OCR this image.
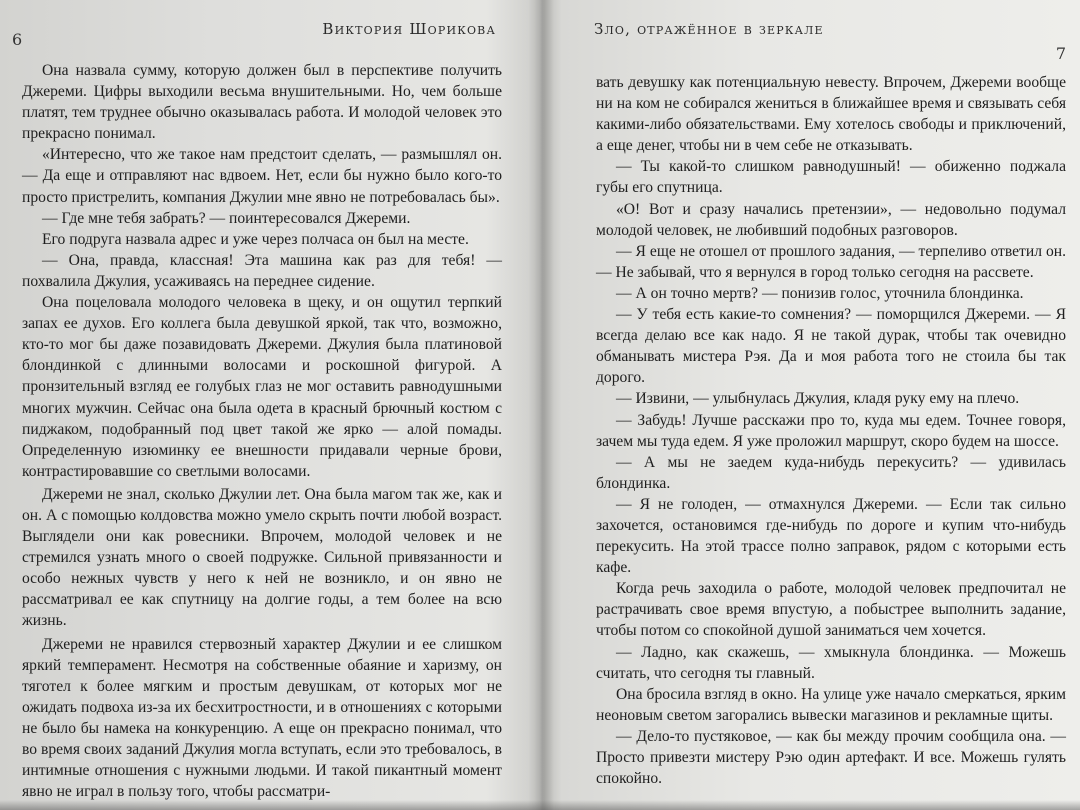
6
Виктория Шорикова

Она назвала сумму, которую должен был в перспективе получить Джереми. Цифры выходили весьма внушительными. Но, чем больше платят, тем труднее обычно оказывалась работа. И молодой человек это прекрасно понимал.

«Интересно, что же такое нам предстоит сделать, — размышлял он. — Да еще и отправляют нас вдвоем. Нет, если бы нужно было кого-то просто пристрелить, компания Джулии мне явно не потребовалась бы».

— Где мне тебя забрать? — поинтересовался Джереми.

Его подруга назвала адрес и уже через полчаса он был на месте.

— Она, правда, классная! Эта машина как раз для тебя! — похвалила Джулия, усаживаясь на переднее сидение.

Она поцеловала молодого человека в щеку, и он ощутил терпкий запах ее духов. Его коллега была девушкой яркой, так что, возможно, кто-то мог бы даже позавидовать Джереми. Джулия была платиновой блондинкой с длинными волосами и роскошной фигурой. А пронзительный взгляд ее голубых глаз не мог оставить равнодушными многих мужчин. Сейчас она была одета в красный брючный костюм с пиджаком, подобранный под цвет такой же ярко — алой помады. Определенную изюминку ее внешности придавали черные брови, контрастировавшие со светлыми волосами.

Джереми не знал, сколько Джулии лет. Она была магом так же, как и он. А с помощью колдовства можно умело скрыть почти любой возраст. Выглядели они как ровесники. Впрочем, молодой человек и не стремился узнать много о своей подружке. Сильной привязанности и особо нежных чувств у него к ней не возникло, и он явно не рассматривал ее как спутницу на долгие годы, а тем более на всю жизнь.

Джереми не нравился стервозный характер Джулии и ее слишком яркий темперамент. Несмотря на собственные обаяние и харизму, он тяготел к более мягким и простым девушкам, от которых мог не ожидать подвоха из-за их бесхитростности, и в отношениях с которыми не было бы намека на конкуренцию. А еще он прекрасно понимал, что во время своих заданий Джулия могла вступать, если это требовалось, в интимные отношения с нужными людьми. И такой пикантный момент явно не играл в пользу того, чтобы рассматри-

Зло, отражённое в зеркале
7

вать девушку как потенциальную невесту. Впрочем, Джереми вообще ни на ком не собирался жениться в ближайшее время и связывать себя какими-либо обязательствами. Ему хотелось свободы и приключений, а еще денег, чтобы ни в чем себе не отказывать.

— Ты какой-то слишком равнодушный! — обиженно поджала губы его спутница.

«О! Вот и сразу начались претензии», — недовольно подумал молодой человек, не любивший подобных разговоров.

— Я еще не отошел от прошлого задания, — терпеливо ответил он. — Не забывай, что я вернулся в город только сегодня на рассвете.

— А он точно мертв? — понизив голос, уточнила блондинка.

— У тебя есть какие-то сомнения? — поморщился Джереми. — Я всегда делаю все как надо. Я не такой дурак, чтобы так очевидно обманывать мистера Рэя. Да и моя работа того не стоила бы так дорого.

— Извини, — улыбнулась Джулия, кладя руку ему на плечо.

— Забудь! Лучше расскажи про то, куда мы едем. Точнее говоря, зачем мы туда едем. Я уже проложил маршрут, скоро будем на шоссе.

— А мы не заедем куда-нибудь перекусить? — удивилась блондинка.

— Я не голоден, — отмахнулся Джереми. — Если так сильно захочется, остановимся где-нибудь по дороге и купим что-нибудь перекусить. На этой трассе полно заправок, рядом с которыми есть кафе.

Когда речь заходила о работе, молодой человек предпочитал не растрачивать свое время впустую, а побыстрее выполнить задание, чтобы потом со спокойной душой заниматься чем хочется.

— Ладно, как скажешь, — хмыкнула блондинка. — Можешь считать, что сегодня ты главный.

Она бросила взгляд в окно. На улице уже начало смеркаться, ярким неоновым светом загорались вывески магазинов и рекламные щиты.

— Дело-то пустяковое, — как бы между прочим сообщила она. — Просто привезти мистеру Рэю один артефакт. И все. Можешь гулять спокойно.
